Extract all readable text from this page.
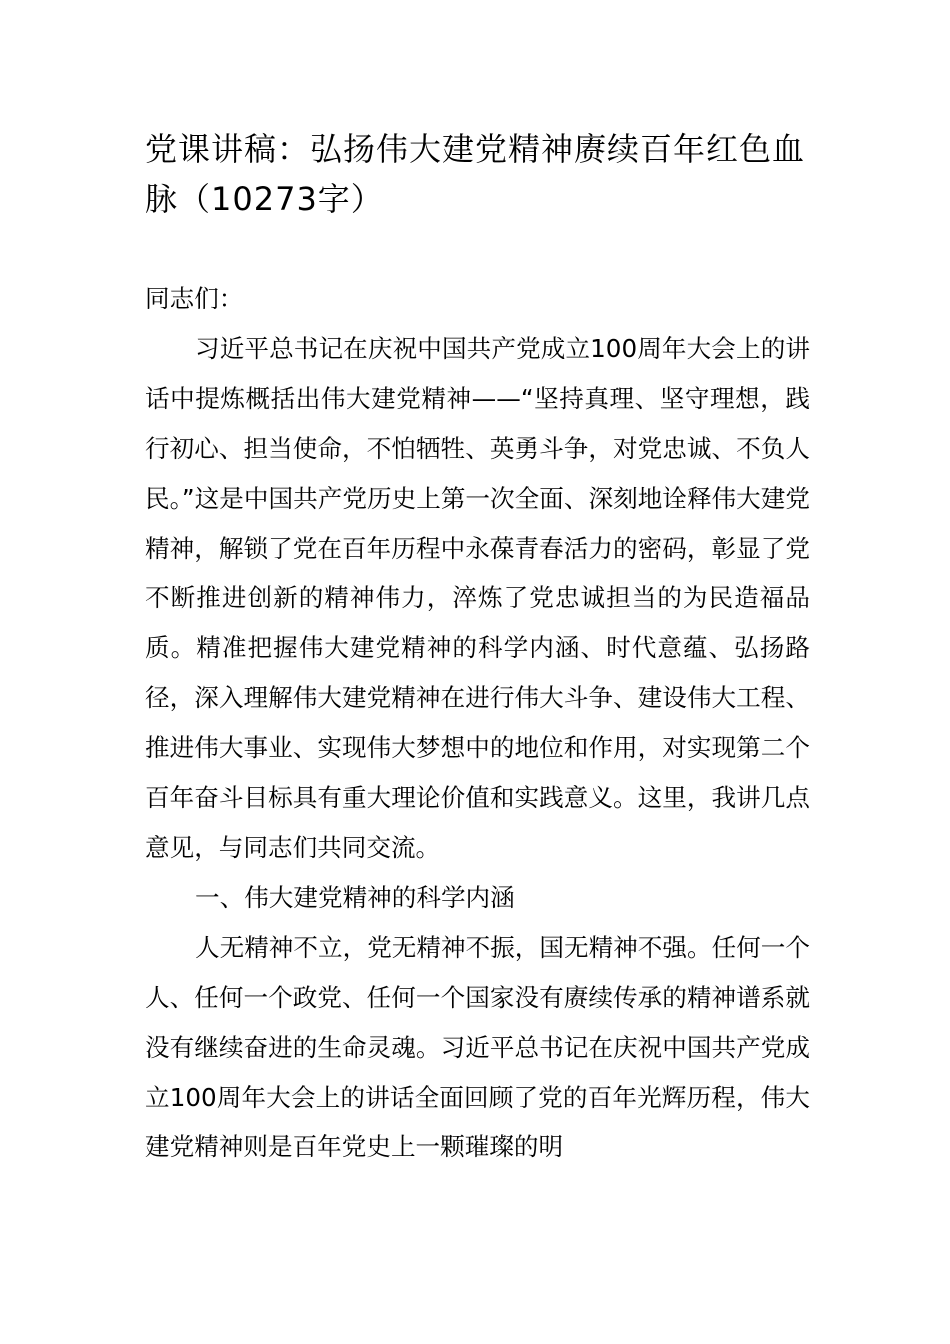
党课讲稿：弘扬伟大建党精神赓续百年红色血脉（10273字）

同志们：

习近平总书记在庆祝中国共产党成立100周年大会上的讲话中提炼概括出伟大建党精神——“坚持真理、坚守理想，践行初心、担当使命，不怕牺牲、英勇斗争，对党忠诚、不负人民。”这是中国共产党历史上第一次全面、深刻地诠释伟大建党精神，解锁了党在百年历程中永葆青春活力的密码，彰显了党不断推进创新的精神伟力，淬炼了党忠诚担当的为民造福品质。精准把握伟大建党精神的科学内涵、时代意蕴、弘扬路径，深入理解伟大建党精神在进行伟大斗争、建设伟大工程、推进伟大事业、实现伟大梦想中的地位和作用，对实现第二个百年奋斗目标具有重大理论价值和实践意义。这里，我讲几点意见，与同志们共同交流。

一、伟大建党精神的科学内涵

人无精神不立，党无精神不振，国无精神不强。任何一个人、任何一个政党、任何一个国家没有赓续传承的精神谱系就没有继续奋进的生命灵魂。习近平总书记在庆祝中国共产党成立100周年大会上的讲话全面回顾了党的百年光辉历程，伟大建党精神则是百年党史上一颗璀璨的明
